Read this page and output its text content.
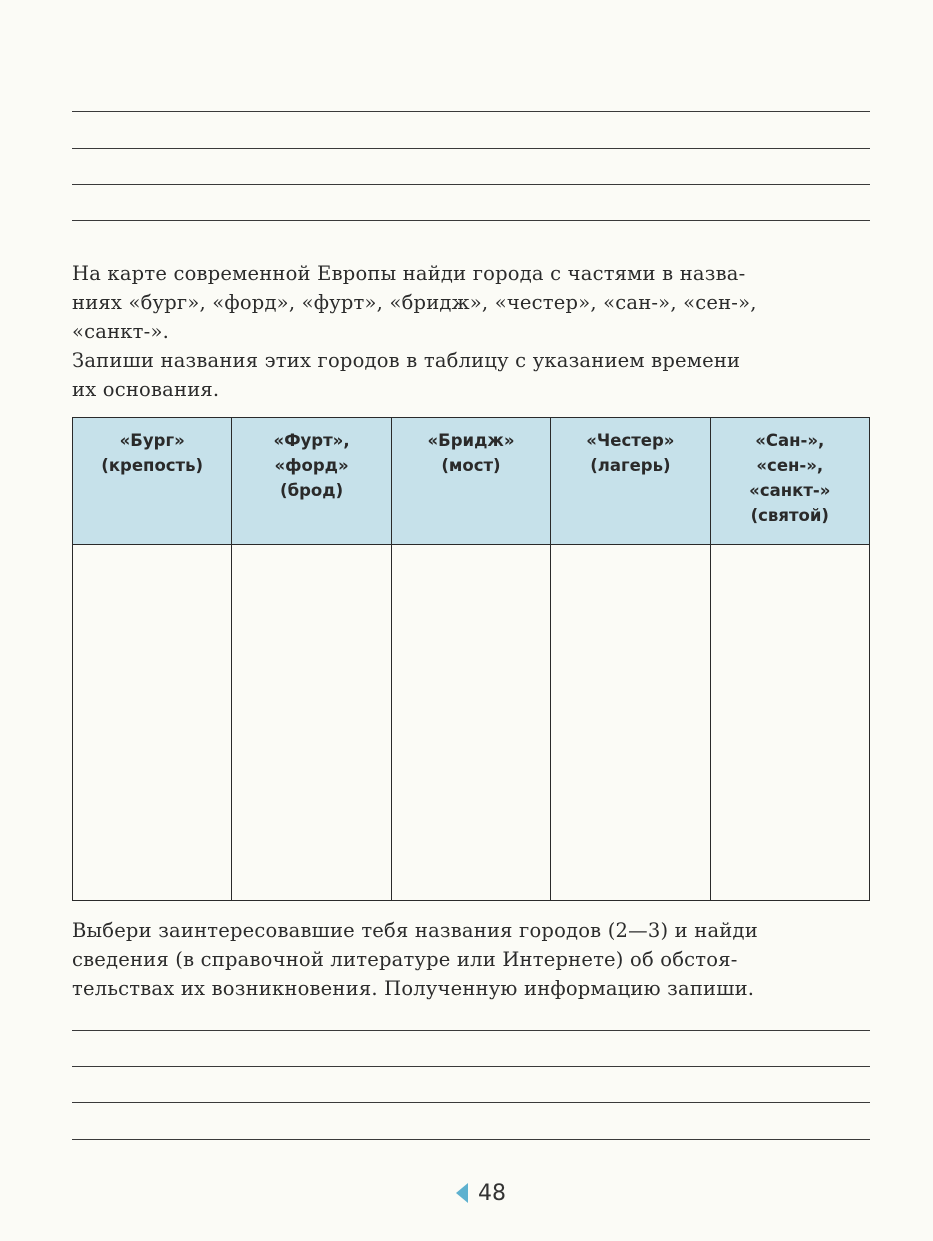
На карте современной Европы найди города с частями в назва-

ниях «бург», «форд», «фурт», «бридж», «честер», «сан-», «сен-»,

«санкт-».

Запиши названия этих городов в таблицу с указанием времени

их основания.

«Бург»
(крепость)	«Фурт»,
«форд»
(брод)	«Бридж»
(мост)	«Честер»
(лагерь)	«Сан-»,
«сен-»,
«санкт-»
(святой)

Выбери заинтересовавшие тебя названия городов (2—3) и найди

сведения (в справочной литературе или Интернете) об обстоя-

тельствах их возникновения. Полученную информацию запиши.

48
